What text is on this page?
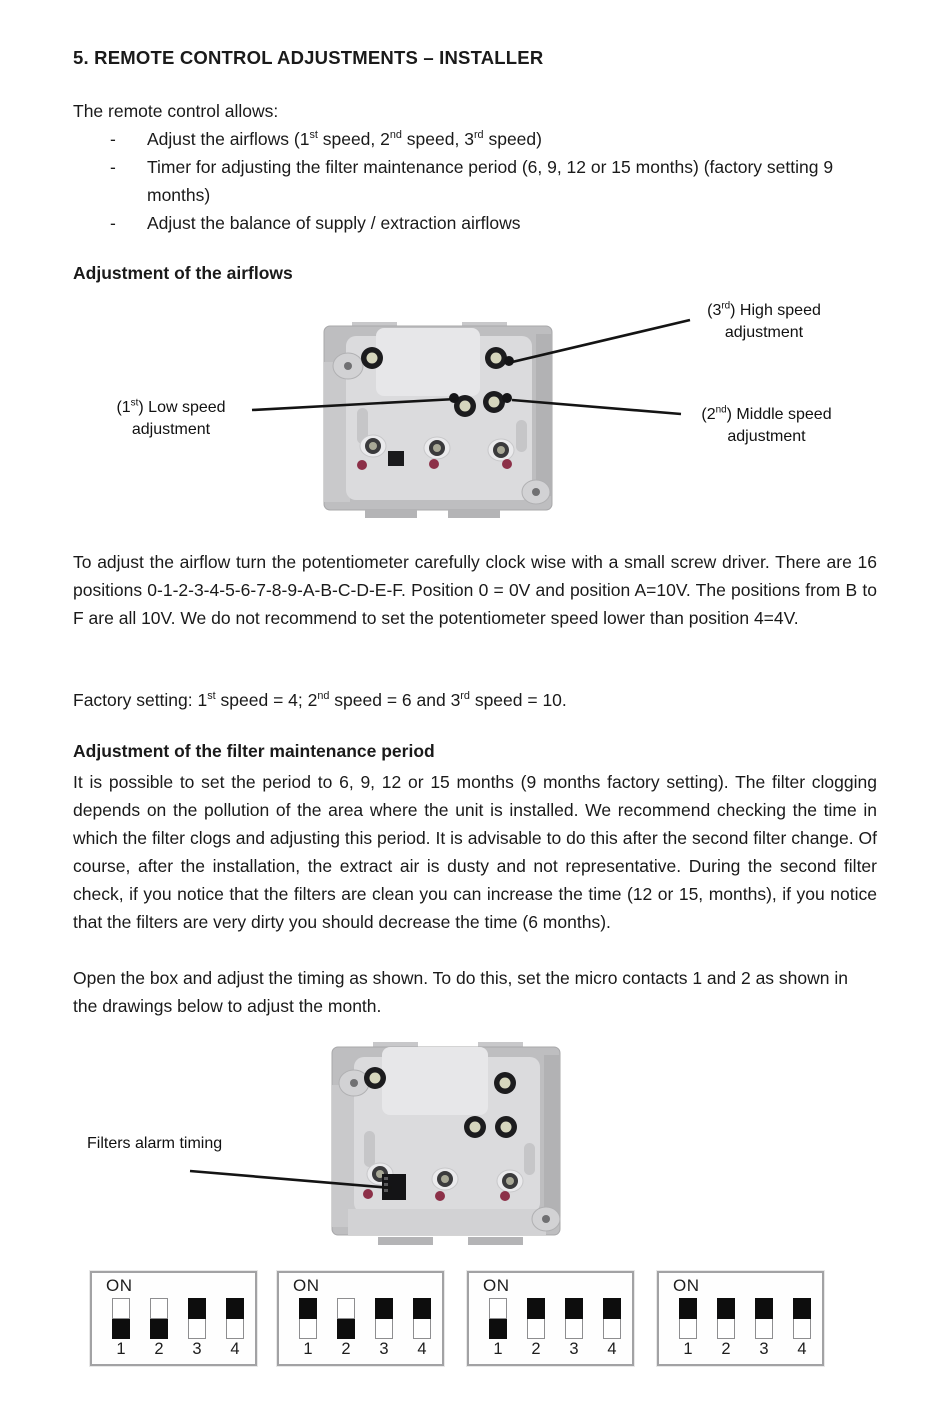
5. REMOTE CONTROL ADJUSTMENTS – INSTALLER
The remote control allows:
-	Adjust the airflows (1st speed, 2nd speed, 3rd speed)
-	Timer for adjusting the filter maintenance period (6, 9, 12 or 15 months) (factory setting 9 months)
-	Adjust the balance of supply / extraction airflows
Adjustment of the airflows
(3rd) High speed
adjustment
(1st) Low speed
adjustment
(2nd) Middle speed
adjustment
To adjust the airflow turn the potentiometer carefully clock wise with a small screw driver. There are 16 positions 0-1-2-3-4-5-6-7-8-9-A-B-C-D-E-F. Position 0 = 0V and position A=10V. The positions from B to F are all 10V. We do not recommend to set the potentiometer speed lower than position 4=4V.
Factory setting: 1st speed = 4; 2nd speed = 6 and 3rd speed = 10.
Adjustment of the filter maintenance period
It is possible to set the period to 6, 9, 12 or 15 months (9 months factory setting). The filter clogging depends on the pollution of the area where the unit is installed. We recommend checking the time in which the filter clogs and adjusting this period. It is advisable to do this after the second filter change. Of course, after the installation, the extract air is dusty and not representative. During the second filter check, if you notice that the filters are clean you can increase the time (12 or 15, months), if you notice that the filters are very dirty you should decrease the time (6 months).
Open the box and adjust the timing as shown. To do this, set the micro contacts 1 and 2 as shown in the drawings below to adjust the month.
Filters alarm timing
ON
1 2 3 4
ON
1 2 3 4
ON
1 2 3 4
ON
1 2 3 4
